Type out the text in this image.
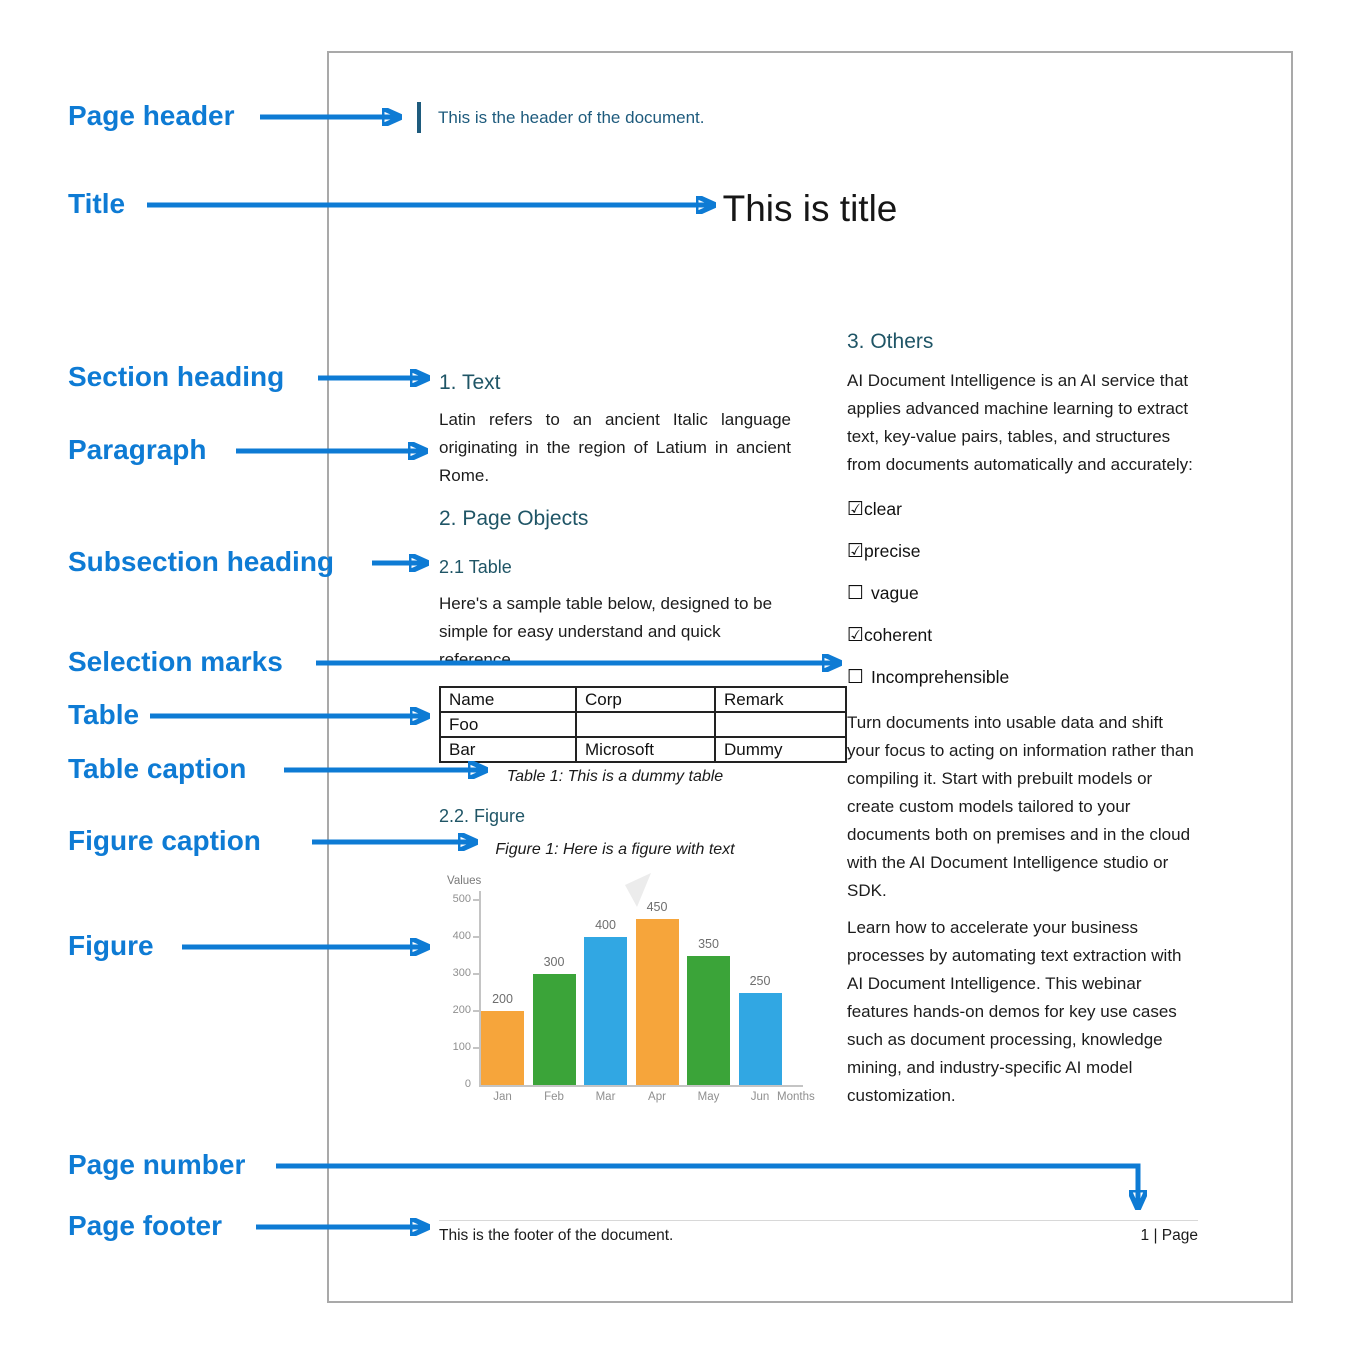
This is the header of the document.
This is title
1. Text

Latin refers to an ancient Italic language originating in the region of Latium in ancient Rome.

2. Page Objects
2.1 Table

Here's a sample table below, designed to be simple for easy understand and quick reference.

Name	Corp	Remark
Foo		
Bar	Microsoft	Dummy
Table 1: This is a dummy table
2.2. Figure
Figure 1: Here is a figure with text
Values
Months
0
100
200
300
400
500
200
Jan
300
Feb
400
Mar
450
Apr
350
May
250
Jun
3. Others

AI Document Intelligence is an AI service that applies advanced machine learning to extract text, key-value pairs, tables, and structures from documents automatically and accurately:

☑ clear
☑ precise
☐ vague
☑ coherent
☐ Incomprehensible

Turn documents into usable data and shift your focus to acting on information rather than compiling it. Start with prebuilt models or create custom models tailored to your documents both on premises and in the cloud with the AI Document Intelligence studio or SDK.

Learn how to accelerate your business processes by automating text extraction with AI Document Intelligence. This webinar features hands-on demos for key use cases such as document processing, knowledge mining, and industry-specific AI model customization.

This is the footer of the document.	1 | Page
Page header
Title
Section heading
Paragraph
Subsection heading
Selection marks
Table
Table caption
Figure caption
Figure
Page number
Page footer
